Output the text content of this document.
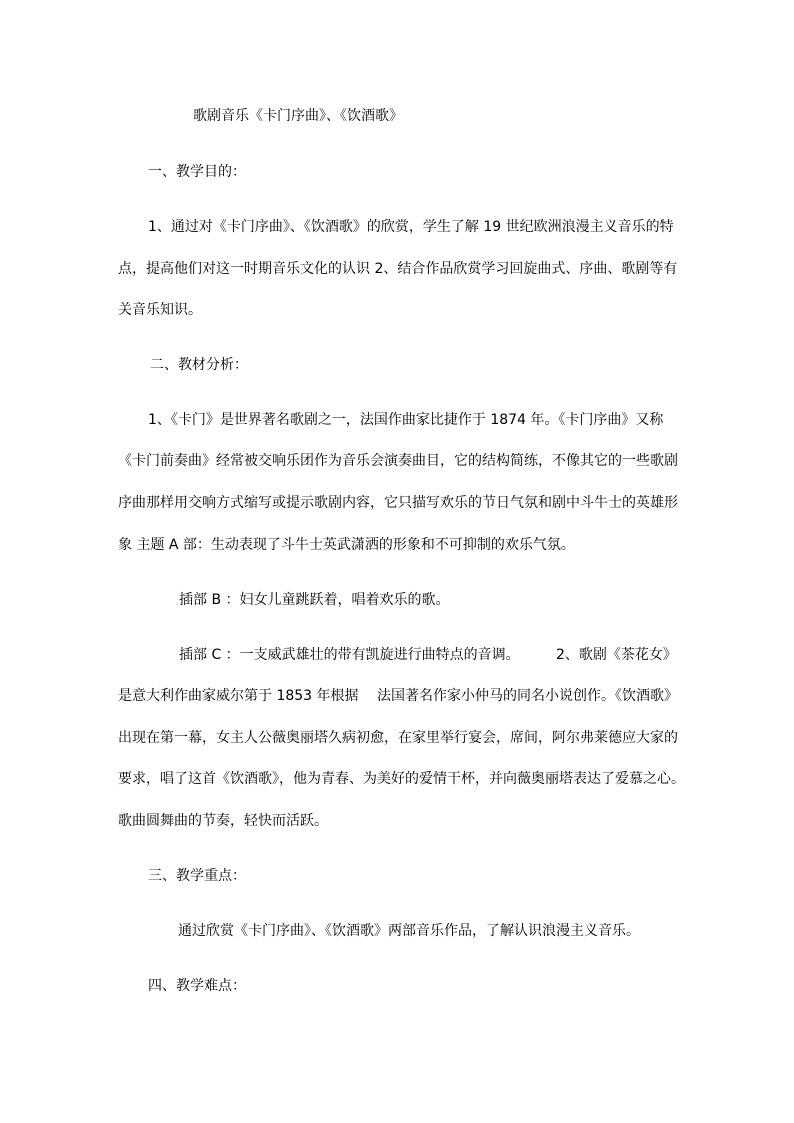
歌剧音乐《卡门序曲》、《饮酒歌》
一、教学目的：
1、通过对《卡门序曲》、《饮酒歌》的欣赏，学生了解 19 世纪欧洲浪漫主义音乐的特
点，提高他们对这一时期音乐文化的认识 2、结合作品欣赏学习回旋曲式、序曲、歌剧等有
关音乐知识。
二、教材分析：
1、《卡门》是世界著名歌剧之一，法国作曲家比捷作于 1874 年。《卡门序曲》又称
《卡门前奏曲》经常被交响乐团作为音乐会演奏曲目，它的结构简练，不像其它的一些歌剧
序曲那样用交响方式缩写或提示歌剧内容，它只描写欢乐的节日气氛和剧中斗牛士的英雄形
象 主题 A 部：生动表现了斗牛士英武潇洒的形象和不可抑制的欢乐气氛。
插部 B ：妇女儿童跳跃着，唱着欢乐的歌。
插部 C ：一支威武雄壮的带有凯旋进行曲特点的音调。	2、歌剧《茶花女》
是意大利作曲家威尔第于 1853 年根据 法国著名作家小仲马的同名小说创作。《饮酒歌》
出现在第一幕，女主人公薇奥丽塔久病初愈，在家里举行宴会，席间，阿尔弗莱德应大家的
要求，唱了这首《饮酒歌》，他为青春、为美好的爱情干杯，并向薇奥丽塔表达了爱慕之心。
歌曲圆舞曲的节奏，轻快而活跃。
三、教学重点：
通过欣赏《卡门序曲》、《饮酒歌》两部音乐作品，了解认识浪漫主义音乐。
四、教学难点：
